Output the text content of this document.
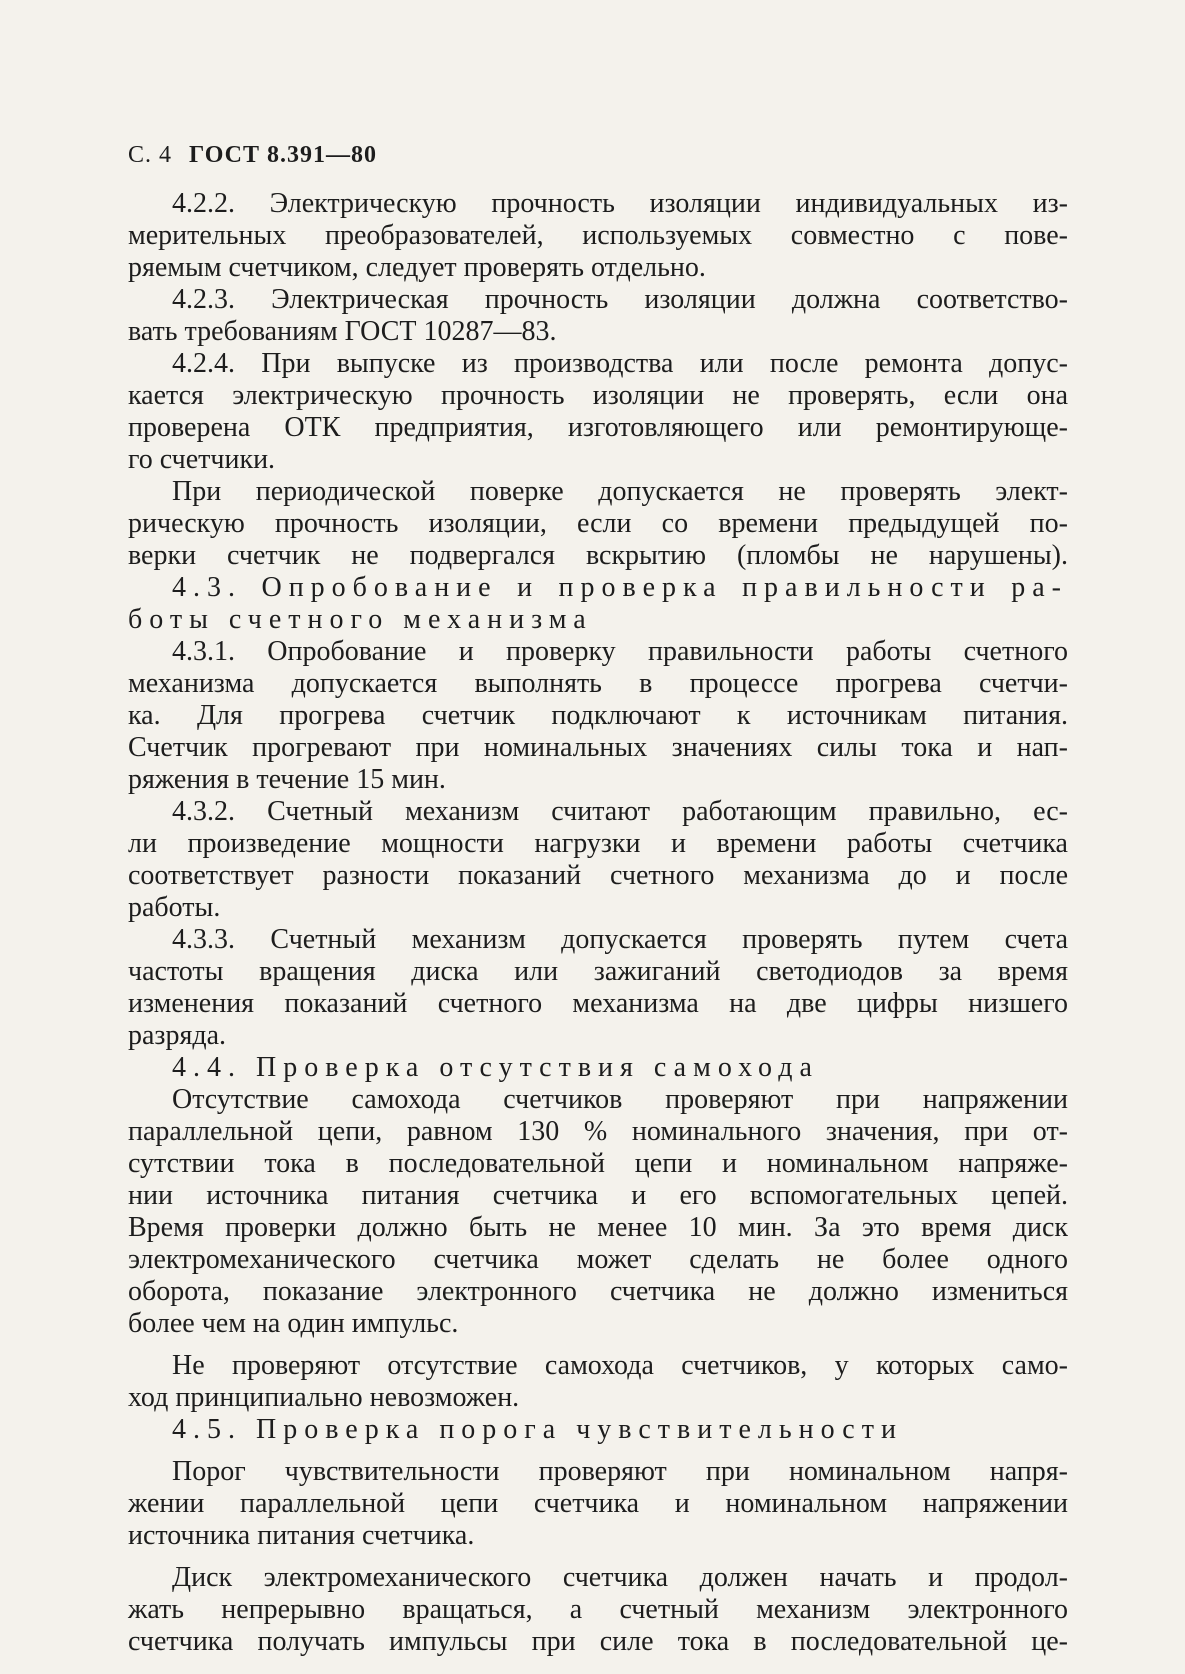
С. 4 ГОСТ 8.391—80
4.2.2. Электрическую прочность изоляции индивидуальных из-
мерительных преобразователей, используемых совместно с пове-
ряемым счетчиком, следует проверять отдельно.
4.2.3. Электрическая прочность изоляции должна соответство-
вать требованиям ГОСТ 10287—83.
4.2.4. При выпуске из производства или после ремонта допус-
кается электрическую прочность изоляции не проверять, если она
проверена ОТК предприятия, изготовляющего или ремонтирующе-
го счетчики.
При периодической поверке допускается не проверять элект-
рическую прочность изоляции, если со времени предыдущей по-
верки счетчик не подвергался вскрытию (пломбы не нарушены).
4.3. Опробование и проверка правильности ра-
боты счетного механизма
4.3.1. Опробование и проверку правильности работы счетного
механизма допускается выполнять в процессе прогрева счетчи-
ка. Для прогрева счетчик подключают к источникам питания.
Счетчик прогревают при номинальных значениях силы тока и нап-
ряжения в течение 15 мин.
4.3.2. Счетный механизм считают работающим правильно, ес-
ли произведение мощности нагрузки и времени работы счетчика
соответствует разности показаний счетного механизма до и после
работы.
4.3.3. Счетный механизм допускается проверять путем счета
частоты вращения диска или зажиганий светодиодов за время
изменения показаний счетного механизма на две цифры низшего
разряда.
4.4. Проверка отсутствия самохода
Отсутствие самохода счетчиков проверяют при напряжении
параллельной цепи, равном 130 % номинального значения, при от-
сутствии тока в последовательной цепи и номинальном напряже-
нии источника питания счетчика и его вспомогательных цепей.
Время проверки должно быть не менее 10 мин. За это время диск
электромеханического счетчика может сделать не более одного
оборота, показание электронного счетчика не должно измениться
более чем на один импульс.
Не проверяют отсутствие самохода счетчиков, у которых само-
ход принципиально невозможен.
4.5. Проверка порога чувствительности
Порог чувствительности проверяют при номинальном напря-
жении параллельной цепи счетчика и номинальном напряжении
источника питания счетчика.
Диск электромеханического счетчика должен начать и продол-
жать непрерывно вращаться, а счетный механизм электронного
счетчика получать импульсы при силе тока в последовательной це-
